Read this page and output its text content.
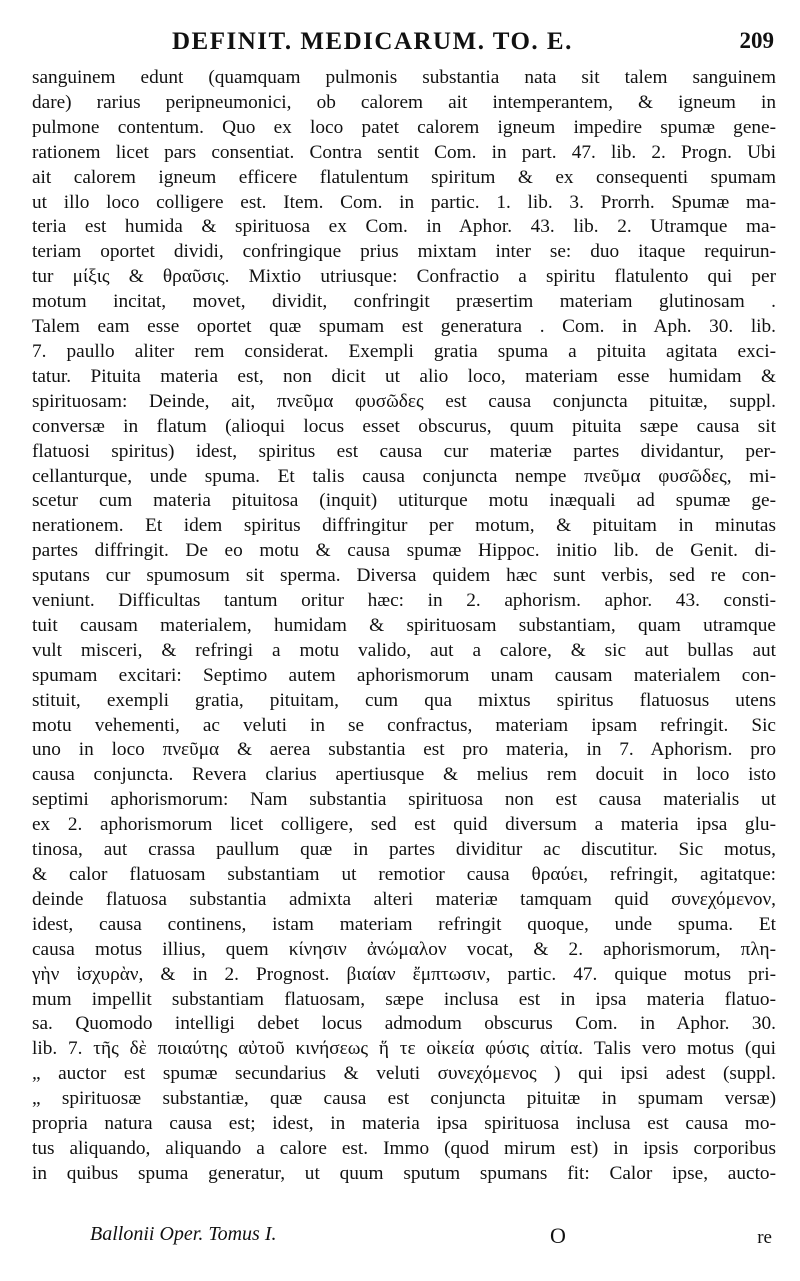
DEFINIT. MEDICARUM. TO. E.	209
sanguinem edunt (quamquam pulmonis substantia nata sit talem sanguinem
dare) rarius peripneumonici, ob calorem ait intemperantem, & igneum in
pulmone contentum. Quo ex loco patet calorem igneum impedire spumæ gene-
rationem licet pars consentiat. Contra sentit Com. in part. 47. lib. 2. Progn. Ubi
ait calorem igneum efficere flatulentum spiritum & ex consequenti spumam
ut illo loco colligere est. Item. Com. in partic. 1. lib. 3. Prorrh. Spumæ ma-
teria est humida & spirituosa ex Com. in Aphor. 43. lib. 2. Utramque ma-
teriam oportet dividi, confringique prius mixtam inter se: duo itaque requirun-
tur μίξις & θραῦσις. Mixtio utriusque: Confractio a spiritu flatulento qui per
motum incitat, movet, dividit, confringit præsertim materiam glutinosam .
Talem eam esse oportet quæ spumam est generatura . Com. in Aph. 30. lib.
7. paullo aliter rem considerat. Exempli gratia spuma a pituita agitata exci-
tatur. Pituita materia est, non dicit ut alio loco, materiam esse humidam &
spirituosam: Deinde, ait, πνεῦμα φυσῶδες est causa conjuncta pituitæ, suppl.
conversæ in flatum (alioqui locus esset obscurus, quum pituita sæpe causa sit
flatuosi spiritus) idest, spiritus est causa cur materiæ partes dividantur, per-
cellanturque, unde spuma. Et talis causa conjuncta nempe πνεῦμα φυσῶδες, mi-
scetur cum materia pituitosa (inquit) utiturque motu inæquali ad spumæ ge-
nerationem. Et idem spiritus diffringitur per motum, & pituitam in minutas
partes diffringit. De eo motu & causa spumæ Hippoc. initio lib. de Genit. di-
sputans cur spumosum sit sperma. Diversa quidem hæc sunt verbis, sed re con-
veniunt. Difficultas tantum oritur hæc: in 2. aphorism. aphor. 43. consti-
tuit causam materialem, humidam & spirituosam substantiam, quam utramque
vult misceri, & refringi a motu valido, aut a calore, & sic aut bullas aut
spumam excitari: Septimo autem aphorismorum unam causam materialem con-
stituit, exempli gratia, pituitam, cum qua mixtus spiritus flatuosus utens
motu vehementi, ac veluti in se confractus, materiam ipsam refringit. Sic
uno in loco πνεῦμα & aerea substantia est pro materia, in 7. Aphorism. pro
causa conjuncta. Revera clarius apertiusque & melius rem docuit in loco isto
septimi aphorismorum: Nam substantia spirituosa non est causa materialis ut
ex 2. aphorismorum licet colligere, sed est quid diversum a materia ipsa glu-
tinosa, aut crassa paullum quæ in partes dividitur ac discutitur. Sic motus,
& calor flatuosam substantiam ut remotior causa θραύει, refringit, agitatque:
deinde flatuosa substantia admixta alteri materiæ tamquam quid συνεχόμενον,
idest, causa continens, istam materiam refringit quoque, unde spuma. Et
causa motus illius, quem κίνησιν ἀνώμαλον vocat, & 2. aphorismorum, πλη-
γὴν ἰσχυρὰν, & in 2. Prognost. βιαίαν ἔμπτωσιν, partic. 47. quique motus pri-
mum impellit substantiam flatuosam, sæpe inclusa est in ipsa materia flatuo-
sa. Quomodo intelligi debet locus admodum obscurus Com. in Aphor. 30.
lib. 7. τῆς δὲ ποιαύτης αὐτοῦ κινήσεως ἥ τε οἰκεία φύσις αἰτία. Talis vero motus (qui
„ auctor est spumæ secundarius & veluti συνεχόμενος ) qui ipsi adest (suppl.
„ spirituosæ substantiæ, quæ causa est conjuncta pituitæ in spumam versæ)
propria natura causa est; idest, in materia ipsa spirituosa inclusa est causa mo-
tus aliquando, aliquando a calore est. Immo (quod mirum est) in ipsis corporibus
in quibus spuma generatur, ut quum sputum spumans fit: Calor ipse, aucto-
Ballonii Oper. Tomus I.	O	re
